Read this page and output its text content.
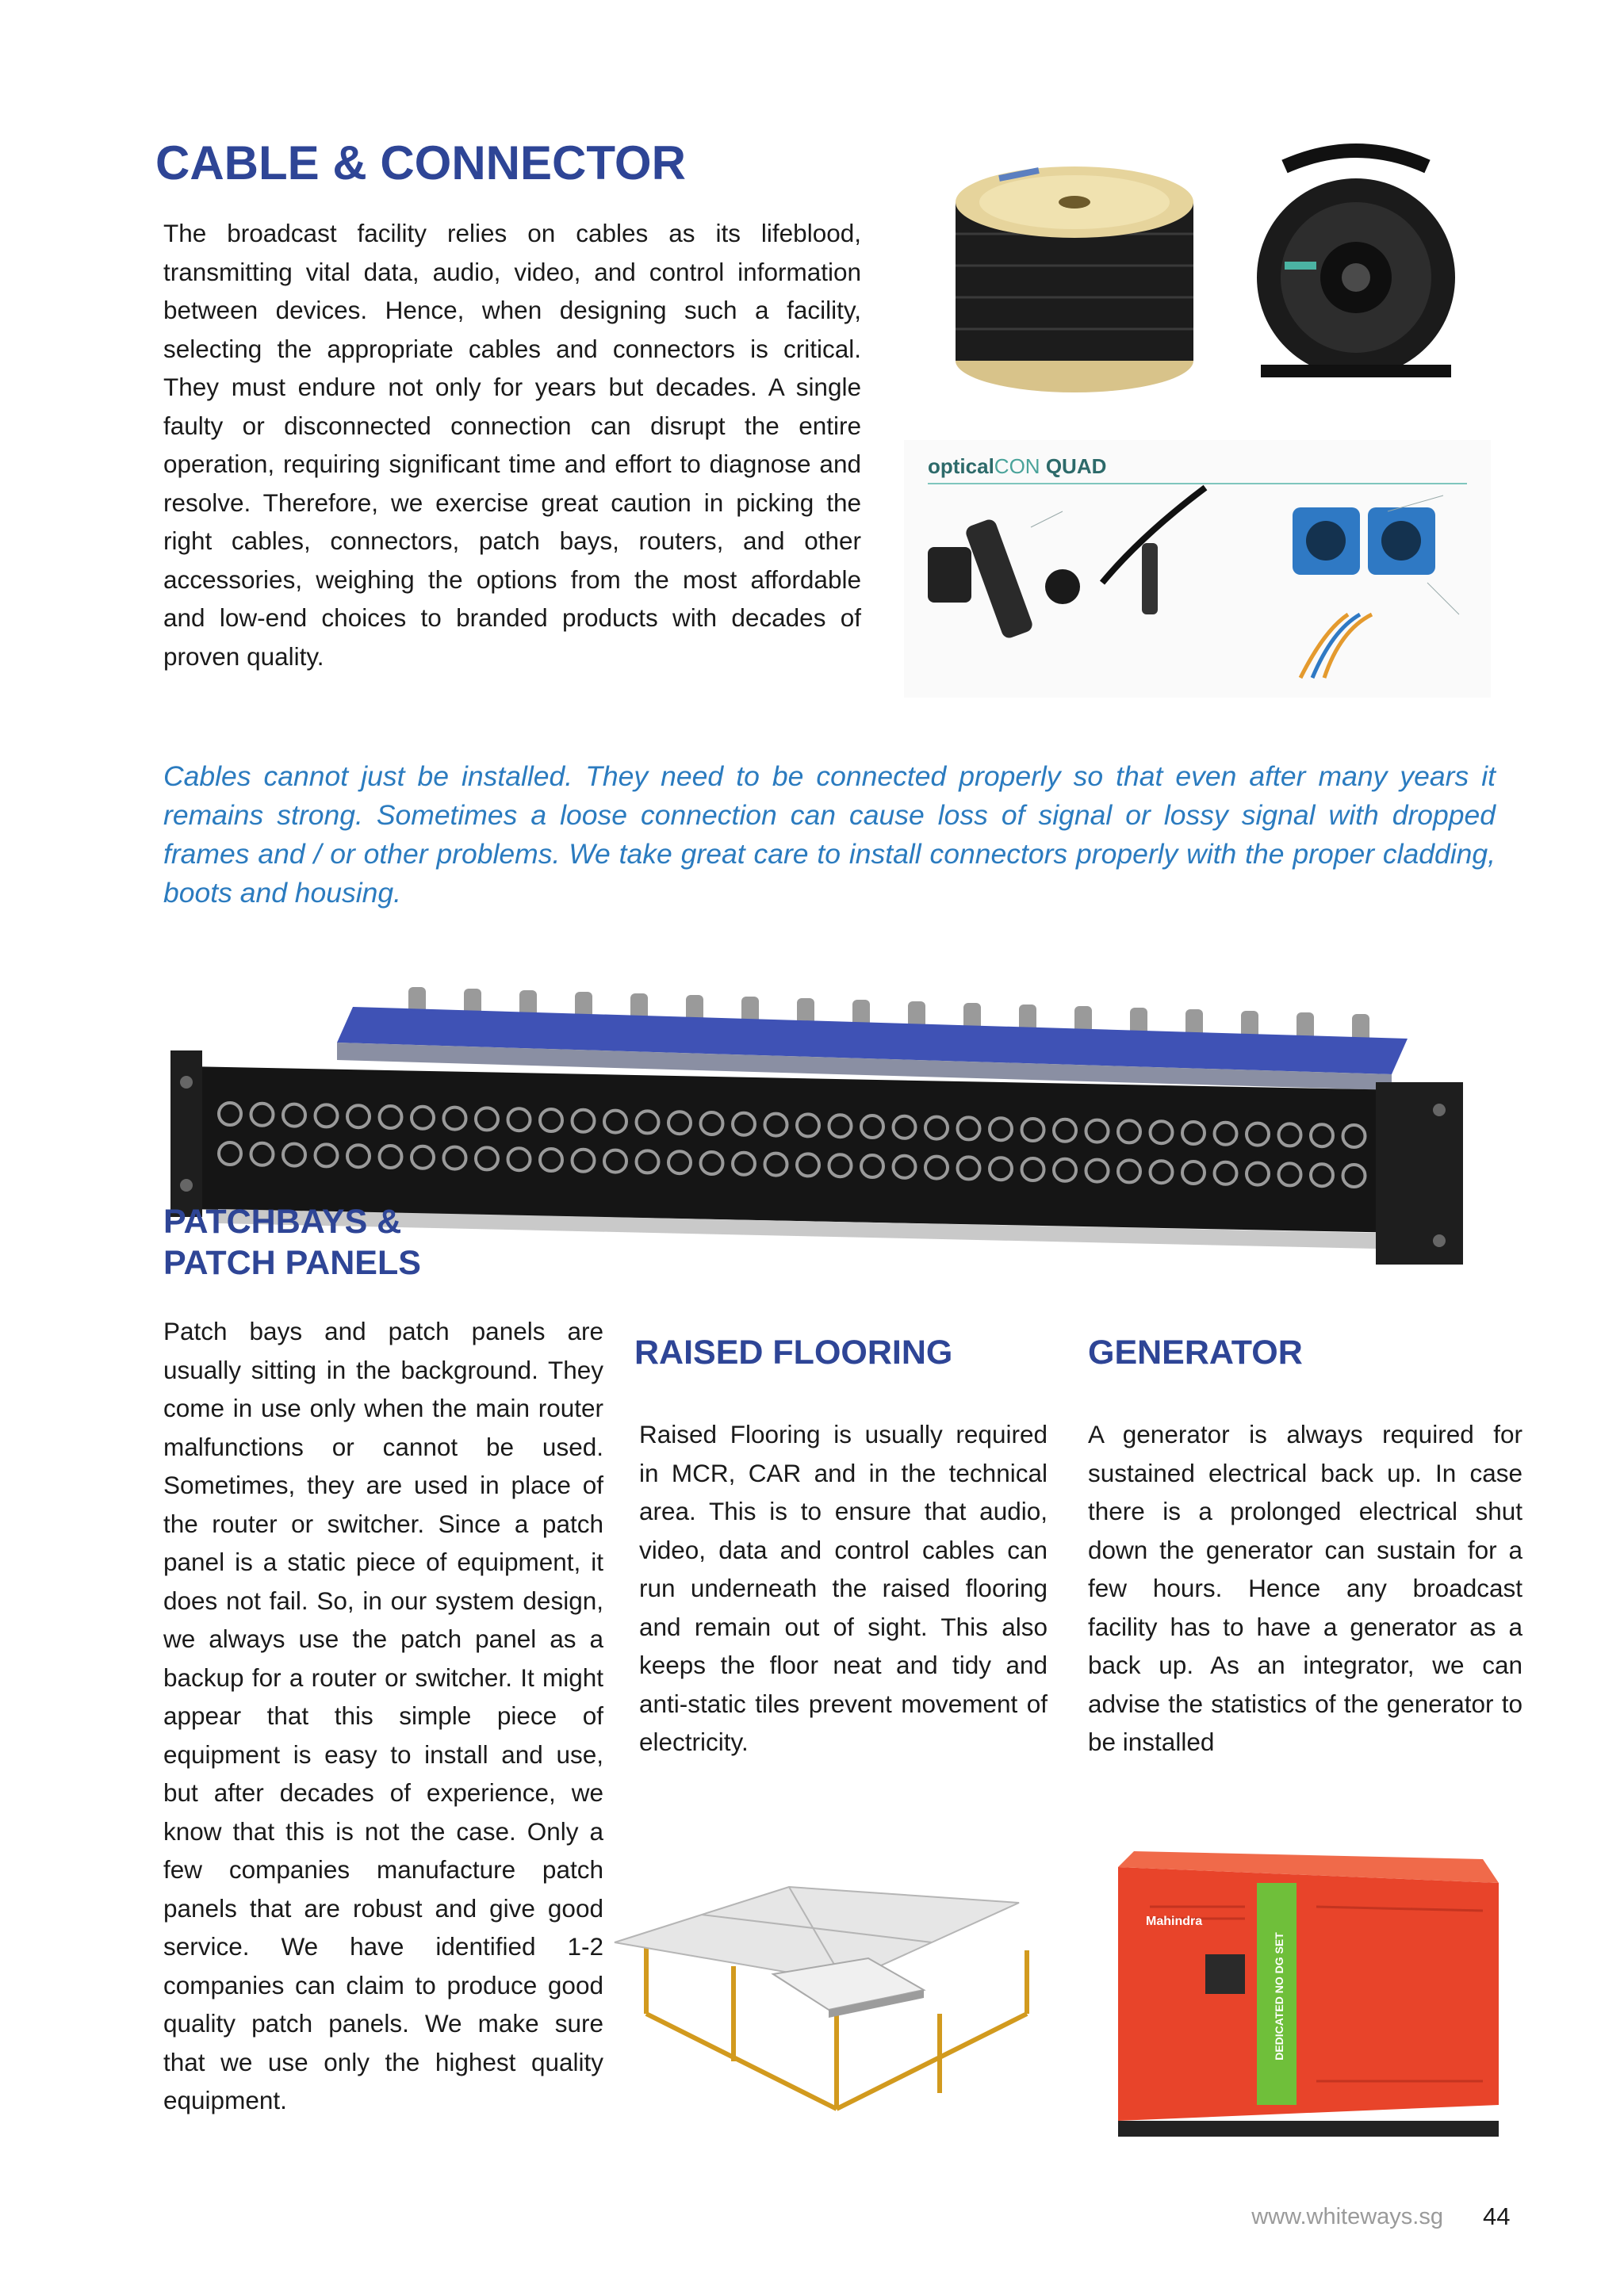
CABLE & CONNECTOR

The broadcast facility relies on cables as its lifeblood, transmitting vital data, audio, video, and control information between devices. Hence, when designing such a facility, selecting the appropriate cables and connectors is critical. They must endure not only for years but decades. A single faulty or disconnected connection can disrupt the entire operation, requiring significant time and effort to diagnose and resolve. Therefore, we exercise great caution in picking the right cables, connectors, patch bays, routers, and other accessories, weighing the options from the most affordable and low-end choices to branded products with decades of proven quality.

opticalCON QUAD

Cables cannot just be installed. They need to be connected properly so that even after many years it remains strong. Sometimes a loose connection can cause loss of signal or lossy signal with dropped frames and / or other problems. We take great care to install connectors properly with the proper cladding, boots and housing.

PATCHBAYS &
PATCH PANELS

Patch bays and patch panels are usually sitting in the background. They come in use only when the main router malfunctions or cannot be used. Sometimes, they are used in place of the router or switcher. Since a patch panel is a static piece of equipment, it does not fail. So, in our system design, we always use the patch panel as a backup for a router or switcher. It might appear that this simple piece of equipment is easy to install and use, but after decades of experience, we know that this is not the case. Only a few companies manufacture patch panels that are robust and give good service. We have identified 1-2 companies can claim to produce good quality patch panels. We make sure that we use only the highest quality equipment.

RAISED FLOORING

Raised Flooring is usually required in MCR, CAR and in the technical area. This is to ensure that audio, video, data and control cables can run underneath the raised flooring and remain out of sight. This also keeps the floor neat and tidy and anti-static tiles prevent movement of electricity.

GENERATOR

A generator is always required for sustained electrical back up. In case there is a prolonged electrical shut down the generator can sustain for a few hours. Hence any broadcast facility has to have a generator as a back up. As an integrator, we can advise the statistics of the generator to be installed

Mahindra
DEDICATED NO DG SET
www.whiteways.sg 44
